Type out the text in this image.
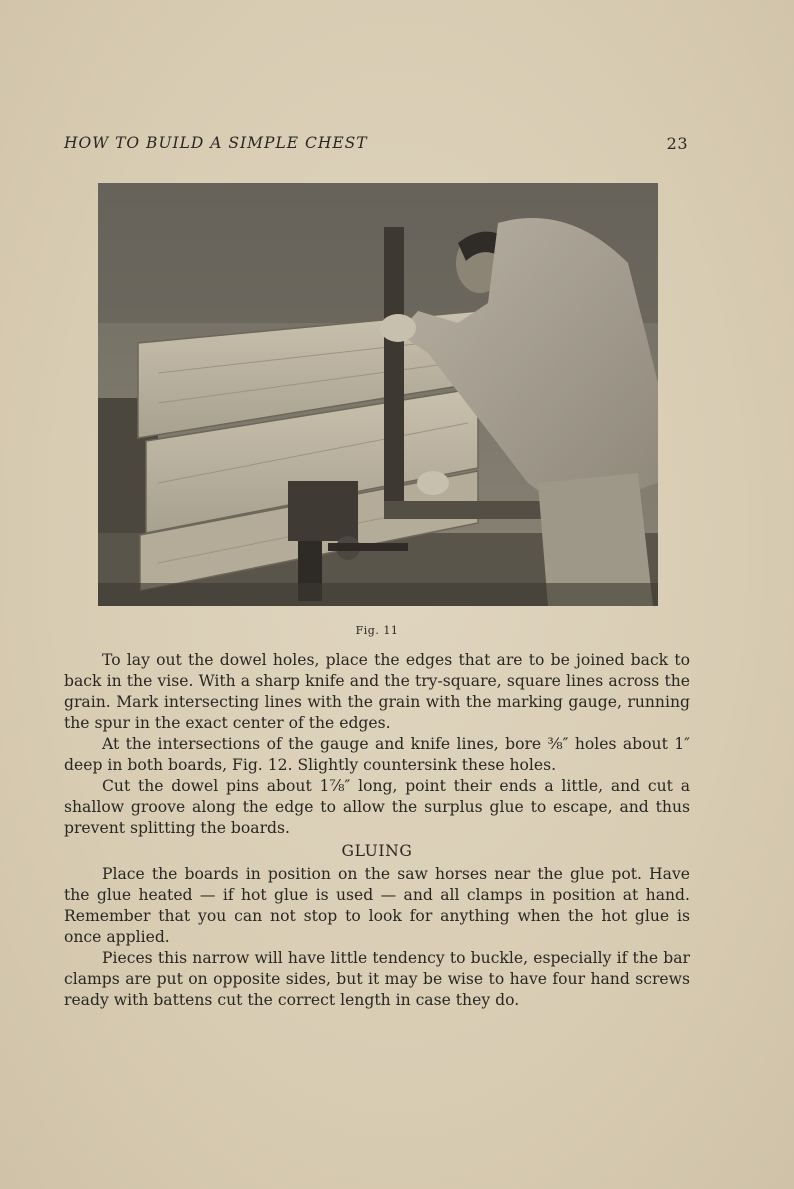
HOW TO BUILD A SIMPLE CHEST	23
Fig. 11

To lay out the dowel holes, place the edges that are to be joined back to back in the vise. With a sharp knife and the try-square, square lines across the grain. Mark intersecting lines with the grain with the marking gauge, running the spur in the exact center of the edges.

At the intersections of the gauge and knife lines, bore ⅜″ holes about 1″ deep in both boards, Fig. 12. Slightly countersink these holes.

Cut the dowel pins about 1⅞″ long, point their ends a little, and cut a shallow groove along the edge to allow the surplus glue to escape, and thus prevent splitting the boards.

GLUING

Place the boards in position on the saw horses near the glue pot. Have the glue heated — if hot glue is used — and all clamps in position at hand. Remember that you can not stop to look for anything when the hot glue is once applied.

Pieces this narrow will have little tendency to buckle, especially if the bar clamps are put on opposite sides, but it may be wise to have four hand screws ready with battens cut the correct length in case they do.
